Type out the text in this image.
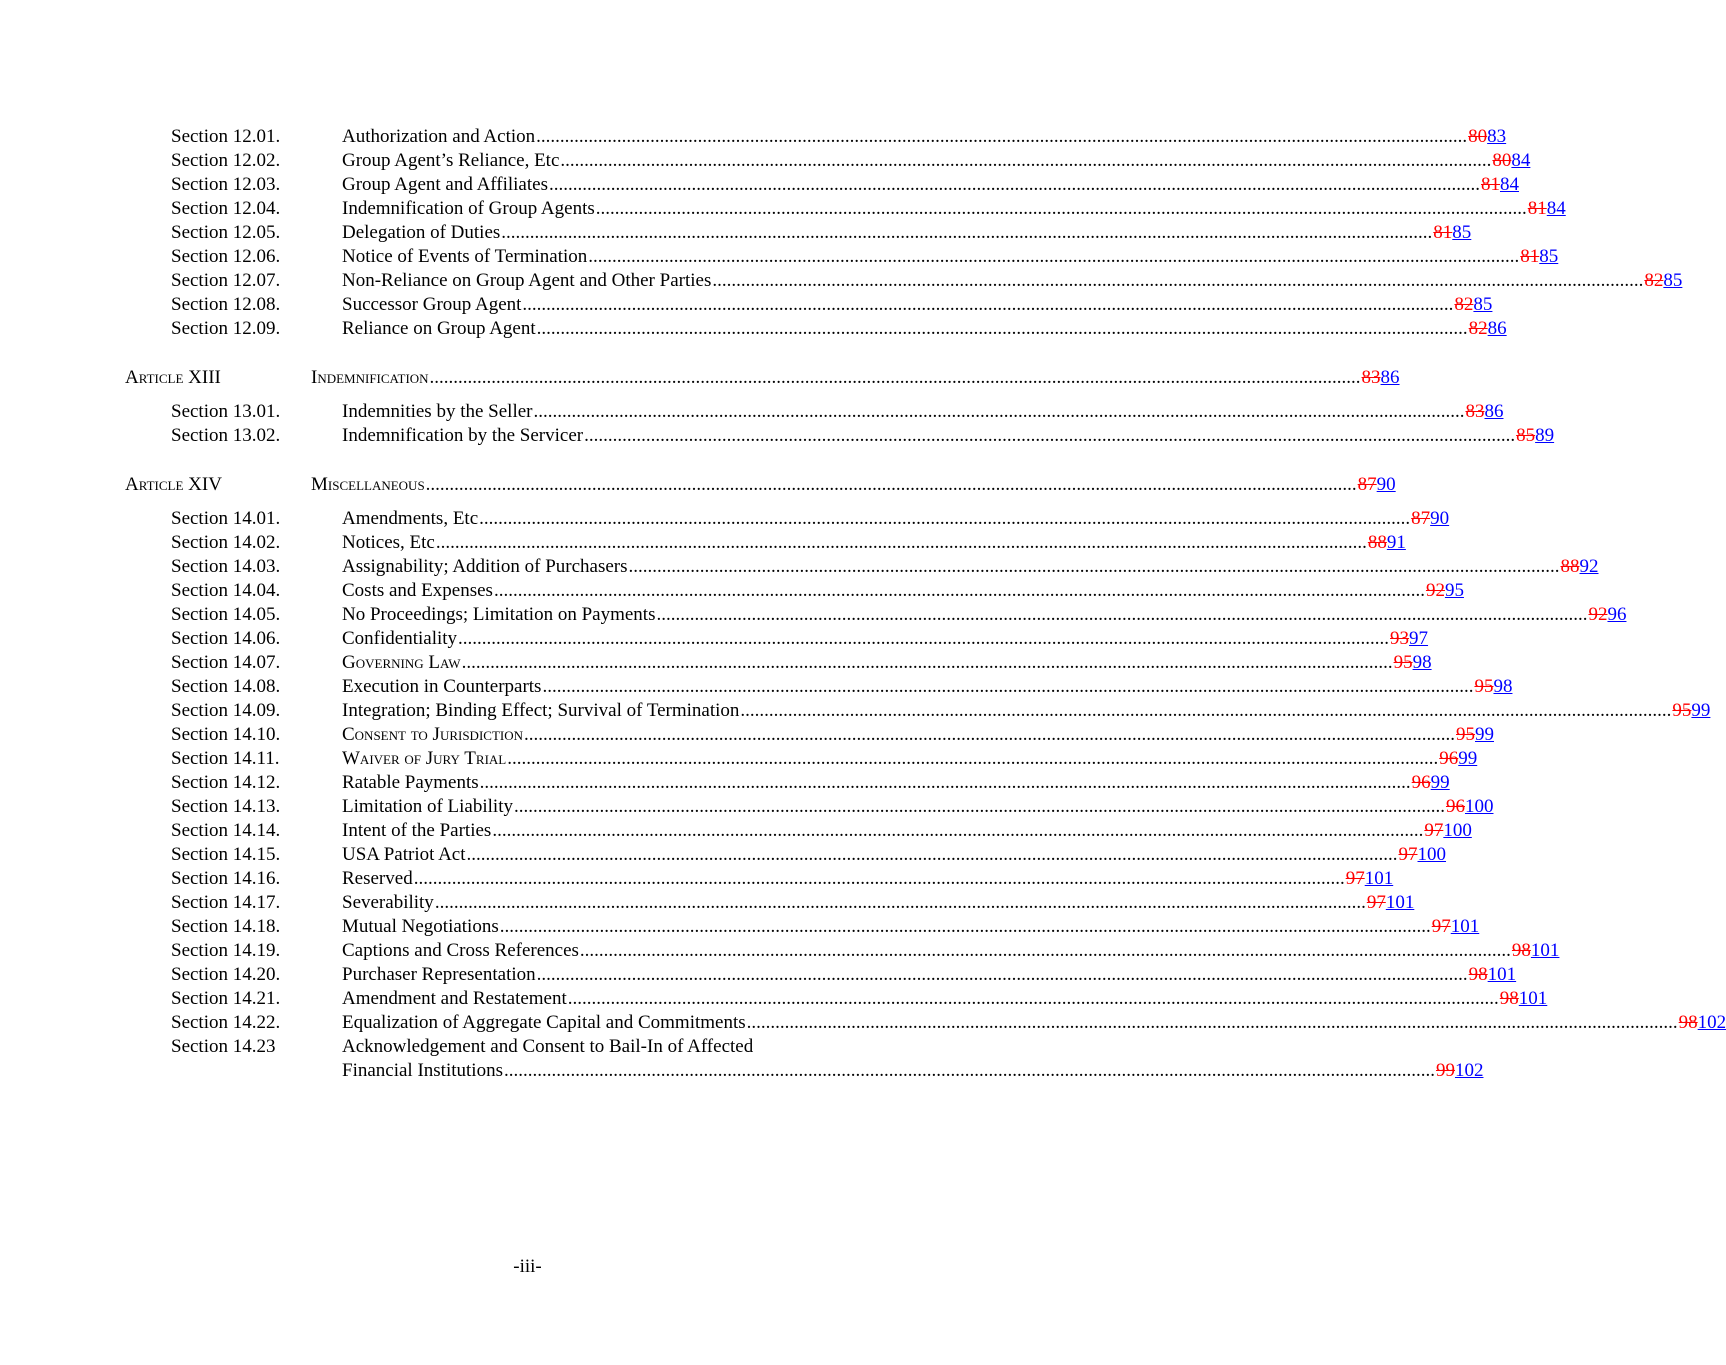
Section 12.01.	Authorization and Action .................................................................................................................................................................................................... 8083
Section 12.02.	Group Agent’s Reliance, Etc .................................................................................................................................................................................................... 8084
Section 12.03.	Group Agent and Affiliates .................................................................................................................................................................................................... 8184
Section 12.04.	Indemnification of Group Agents .................................................................................................................................................................................................... 8184
Section 12.05.	Delegation of Duties .................................................................................................................................................................................................... 8185
Section 12.06.	Notice of Events of Termination .................................................................................................................................................................................................... 8185
Section 12.07.	Non-Reliance on Group Agent and Other Parties .................................................................................................................................................................................................... 8285
Section 12.08.	Successor Group Agent .................................................................................................................................................................................................... 8285
Section 12.09.	Reliance on Group Agent .................................................................................................................................................................................................... 8286
Article XIII	Indemnification .................................................................................................................................................................................................... 8386
Section 13.01.	Indemnities by the Seller .................................................................................................................................................................................................... 8386
Section 13.02.	Indemnification by the Servicer .................................................................................................................................................................................................... 8589
Article XIV	Miscellaneous .................................................................................................................................................................................................... 8790
Section 14.01.	Amendments, Etc .................................................................................................................................................................................................... 8790
Section 14.02.	Notices, Etc .................................................................................................................................................................................................... 8891
Section 14.03.	Assignability; Addition of Purchasers .................................................................................................................................................................................................... 8892
Section 14.04.	Costs and Expenses .................................................................................................................................................................................................... 9295
Section 14.05.	No Proceedings; Limitation on Payments .................................................................................................................................................................................................... 9296
Section 14.06.	Confidentiality .................................................................................................................................................................................................... 9397
Section 14.07.	Governing Law .................................................................................................................................................................................................... 9598
Section 14.08.	Execution in Counterparts .................................................................................................................................................................................................... 9598
Section 14.09.	Integration; Binding Effect; Survival of Termination .................................................................................................................................................................................................... 9599
Section 14.10.	Consent to Jurisdiction .................................................................................................................................................................................................... 9599
Section 14.11.	Waiver of Jury Trial .................................................................................................................................................................................................... 9699
Section 14.12.	Ratable Payments .................................................................................................................................................................................................... 9699
Section 14.13.	Limitation of Liability .................................................................................................................................................................................................... 96100
Section 14.14.	Intent of the Parties .................................................................................................................................................................................................... 97100
Section 14.15.	USA Patriot Act .................................................................................................................................................................................................... 97100
Section 14.16.	Reserved .................................................................................................................................................................................................... 97101
Section 14.17.	Severability .................................................................................................................................................................................................... 97101
Section 14.18.	Mutual Negotiations .................................................................................................................................................................................................... 97101
Section 14.19.	Captions and Cross References .................................................................................................................................................................................................... 98101
Section 14.20.	Purchaser Representation .................................................................................................................................................................................................... 98101
Section 14.21.	Amendment and Restatement .................................................................................................................................................................................................... 98101
Section 14.22.	Equalization of Aggregate Capital and Commitments .................................................................................................................................................................................................... 98102
Section 14.23	Acknowledgement and Consent to Bail-In of Affected
Financial Institutions .................................................................................................................................................................................................... 99102
-iii-
